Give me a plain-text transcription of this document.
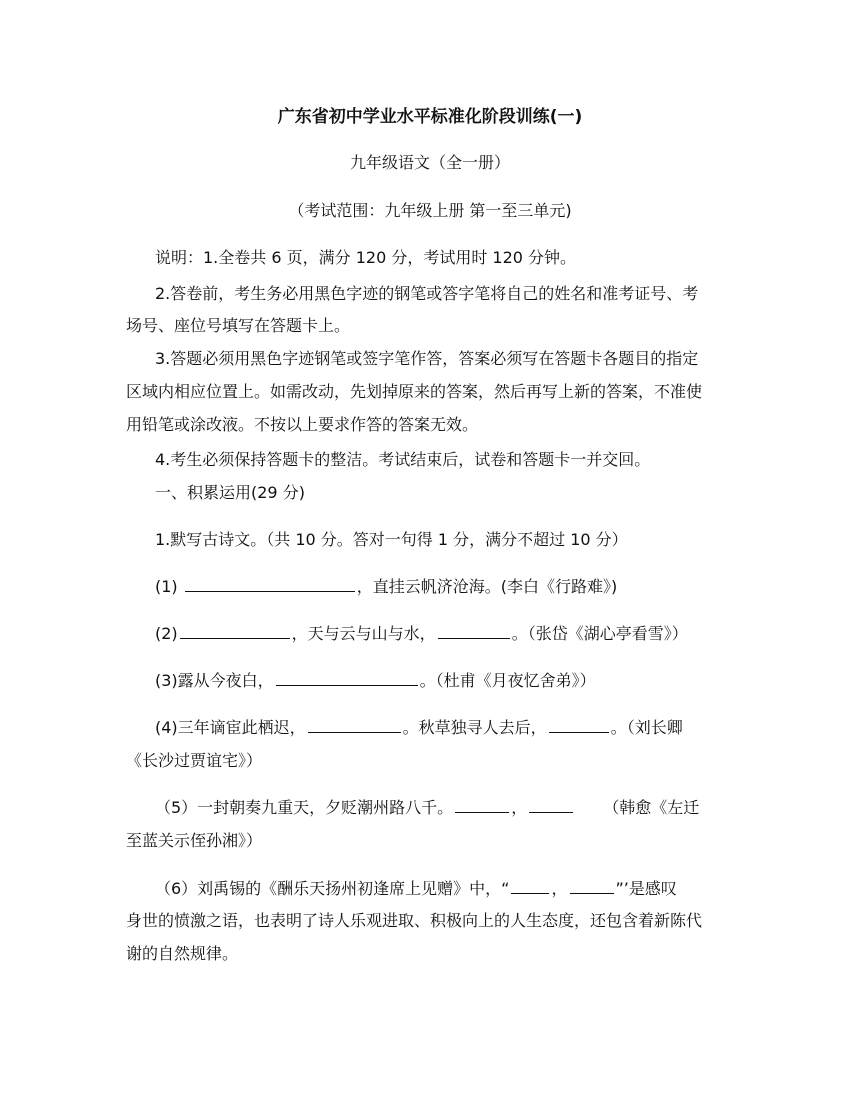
广东省初中学业水平标准化阶段训练(一)
九年级语文（全一册）
（考试范围：九年级上册 第一至三单元)
说明：1.全卷共 6 页，满分 120 分，考试用时 120 分钟。
2.答卷前，考生务必用黑色字迹的钢笔或答字笔将自己的姓名和准考证号、考
场号、座位号填写在答题卡上。
3.答题必须用黑色字迹钢笔或签字笔作答，答案必须写在答题卡各题目的指定
区域内相应位置上。如需改动，先划掉原来的答案，然后再写上新的答案，不准使
用铅笔或涂改液。不按以上要求作答的答案无效。
4.考生必须保持答题卡的整洁。考试结束后，试卷和答题卡一并交回。
一、积累运用(29 分)
1.默写古诗文。（共 10 分。答对一句得 1 分，满分不超过 10 分）
(1)	，直挂云帆济沧海。(李白《行路难》)
(2)	，天与云与山与水，	。（张岱《湖心亭看雪》）
(3)露从今夜白，	。（杜甫《月夜忆舍弟》）
(4)三年谪宦此栖迟，	。秋草独寻人去后，	。（刘长卿
《长沙过贾谊宅》）
（5）一封朝奏九重天，夕贬潮州路八千。	，	（韩愈《左迁
至蓝关示侄孙湘》）
（6）刘禹锡的《酬乐天扬州初逢席上见赠》中，“	，	”’是感叹
身世的愤激之语，也表明了诗人乐观进取、积极向上的人生态度，还包含着新陈代
谢的自然规律。
